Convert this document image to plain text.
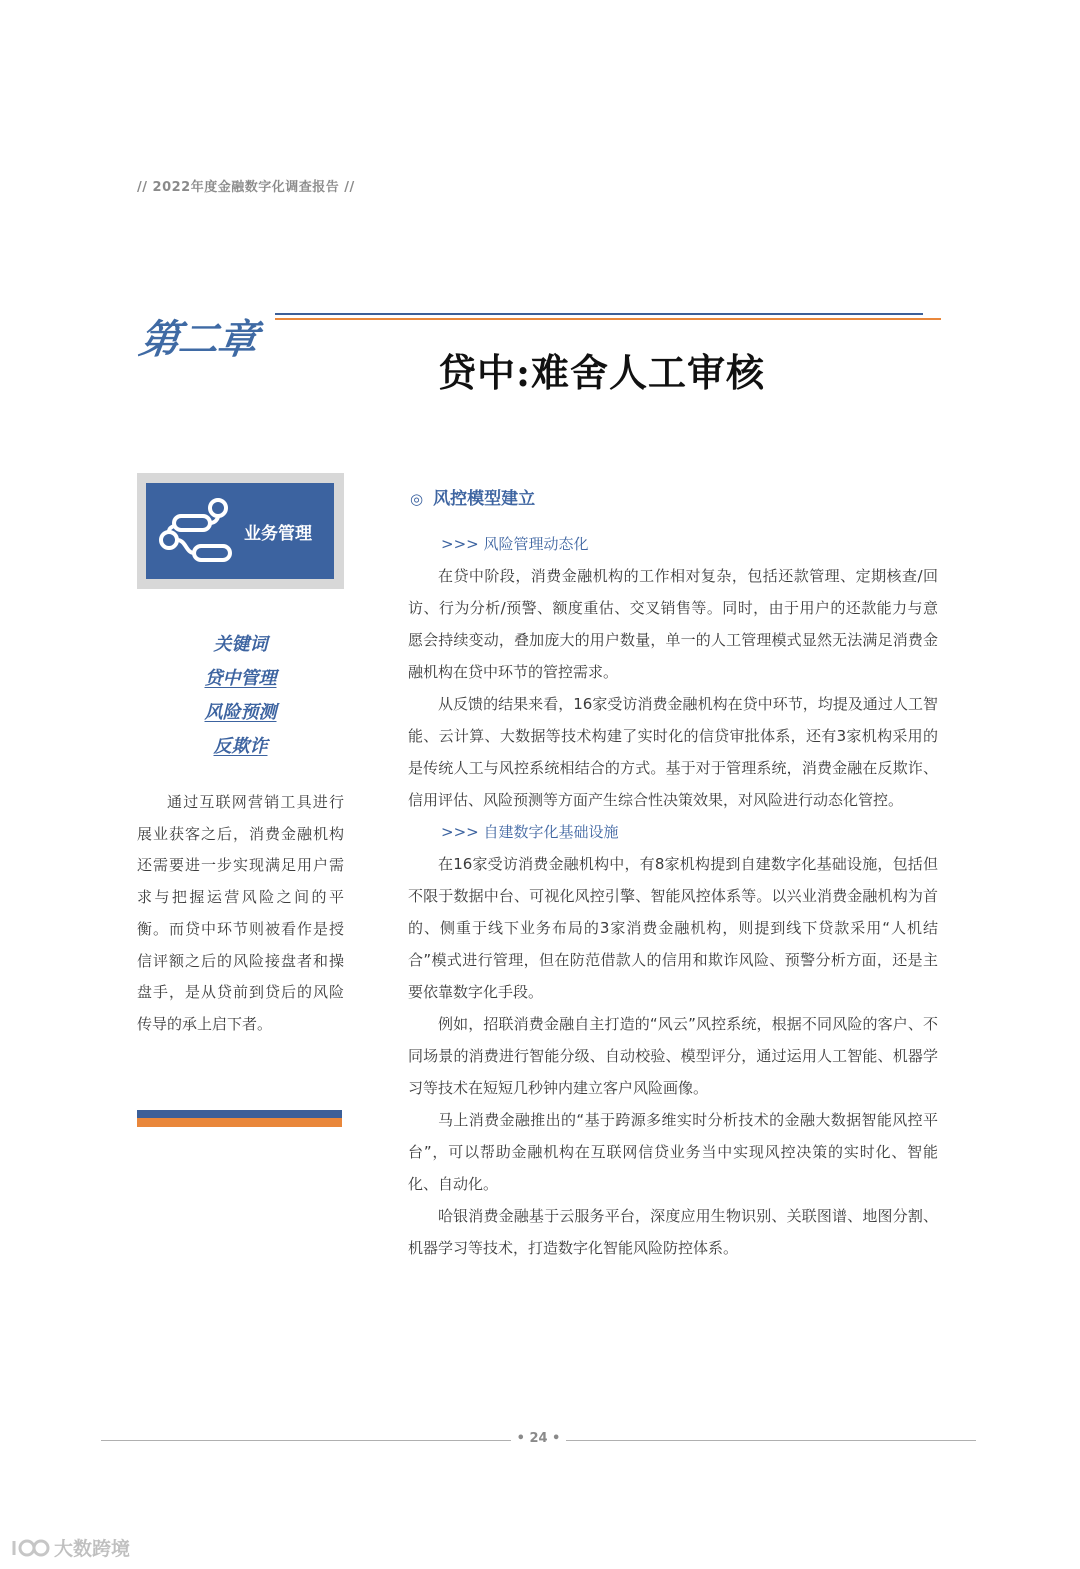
// 2022年度金融数字化调查报告 //
第二章
贷中:难舍人工审核
业务管理
关键词
贷中管理
风险预测
反欺诈
通过互联网营销工具进行展业获客之后，消费金融机构还需要进一步实现满足用户需求与把握运营风险之间的平衡。而贷中环节则被看作是授信评额之后的风险接盘者和操盘手，是从贷前到贷后的风险传导的承上启下者。
◎ 风控模型建立

>>> 风险管理动态化

在贷中阶段，消费金融机构的工作相对复杂，包括还款管理、定期核查/回访、行为分析/预警、额度重估、交叉销售等。同时，由于用户的还款能力与意愿会持续变动，叠加庞大的用户数量，单一的人工管理模式显然无法满足消费金融机构在贷中环节的管控需求。

从反馈的结果来看，16家受访消费金融机构在贷中环节，均提及通过人工智能、云计算、大数据等技术构建了实时化的信贷审批体系，还有3家机构采用的是传统人工与风控系统相结合的方式。基于对于管理系统，消费金融在反欺诈、信用评估、风险预测等方面产生综合性决策效果，对风险进行动态化管控。

>>> 自建数字化基础设施

在16家受访消费金融机构中，有8家机构提到自建数字化基础设施，包括但不限于数据中台、可视化风控引擎、智能风控体系等。以兴业消费金融机构为首的、侧重于线下业务布局的3家消费金融机构，则提到线下贷款采用“人机结合”模式进行管理，但在防范借款人的信用和欺诈风险、预警分析方面，还是主要依靠数字化手段。

例如，招联消费金融自主打造的“风云”风控系统，根据不同风险的客户、不同场景的消费进行智能分级、自动校验、模型评分，通过运用人工智能、机器学习等技术在短短几秒钟内建立客户风险画像。

马上消费金融推出的“基于跨源多维实时分析技术的金融大数据智能风控平台”，可以帮助金融机构在互联网信贷业务当中实现风控决策的实时化、智能化、自动化。

哈银消费金融基于云服务平台，深度应用生物识别、关联图谱、地图分割、机器学习等技术，打造数字化智能风险防控体系。

• 24 •
大数跨境
